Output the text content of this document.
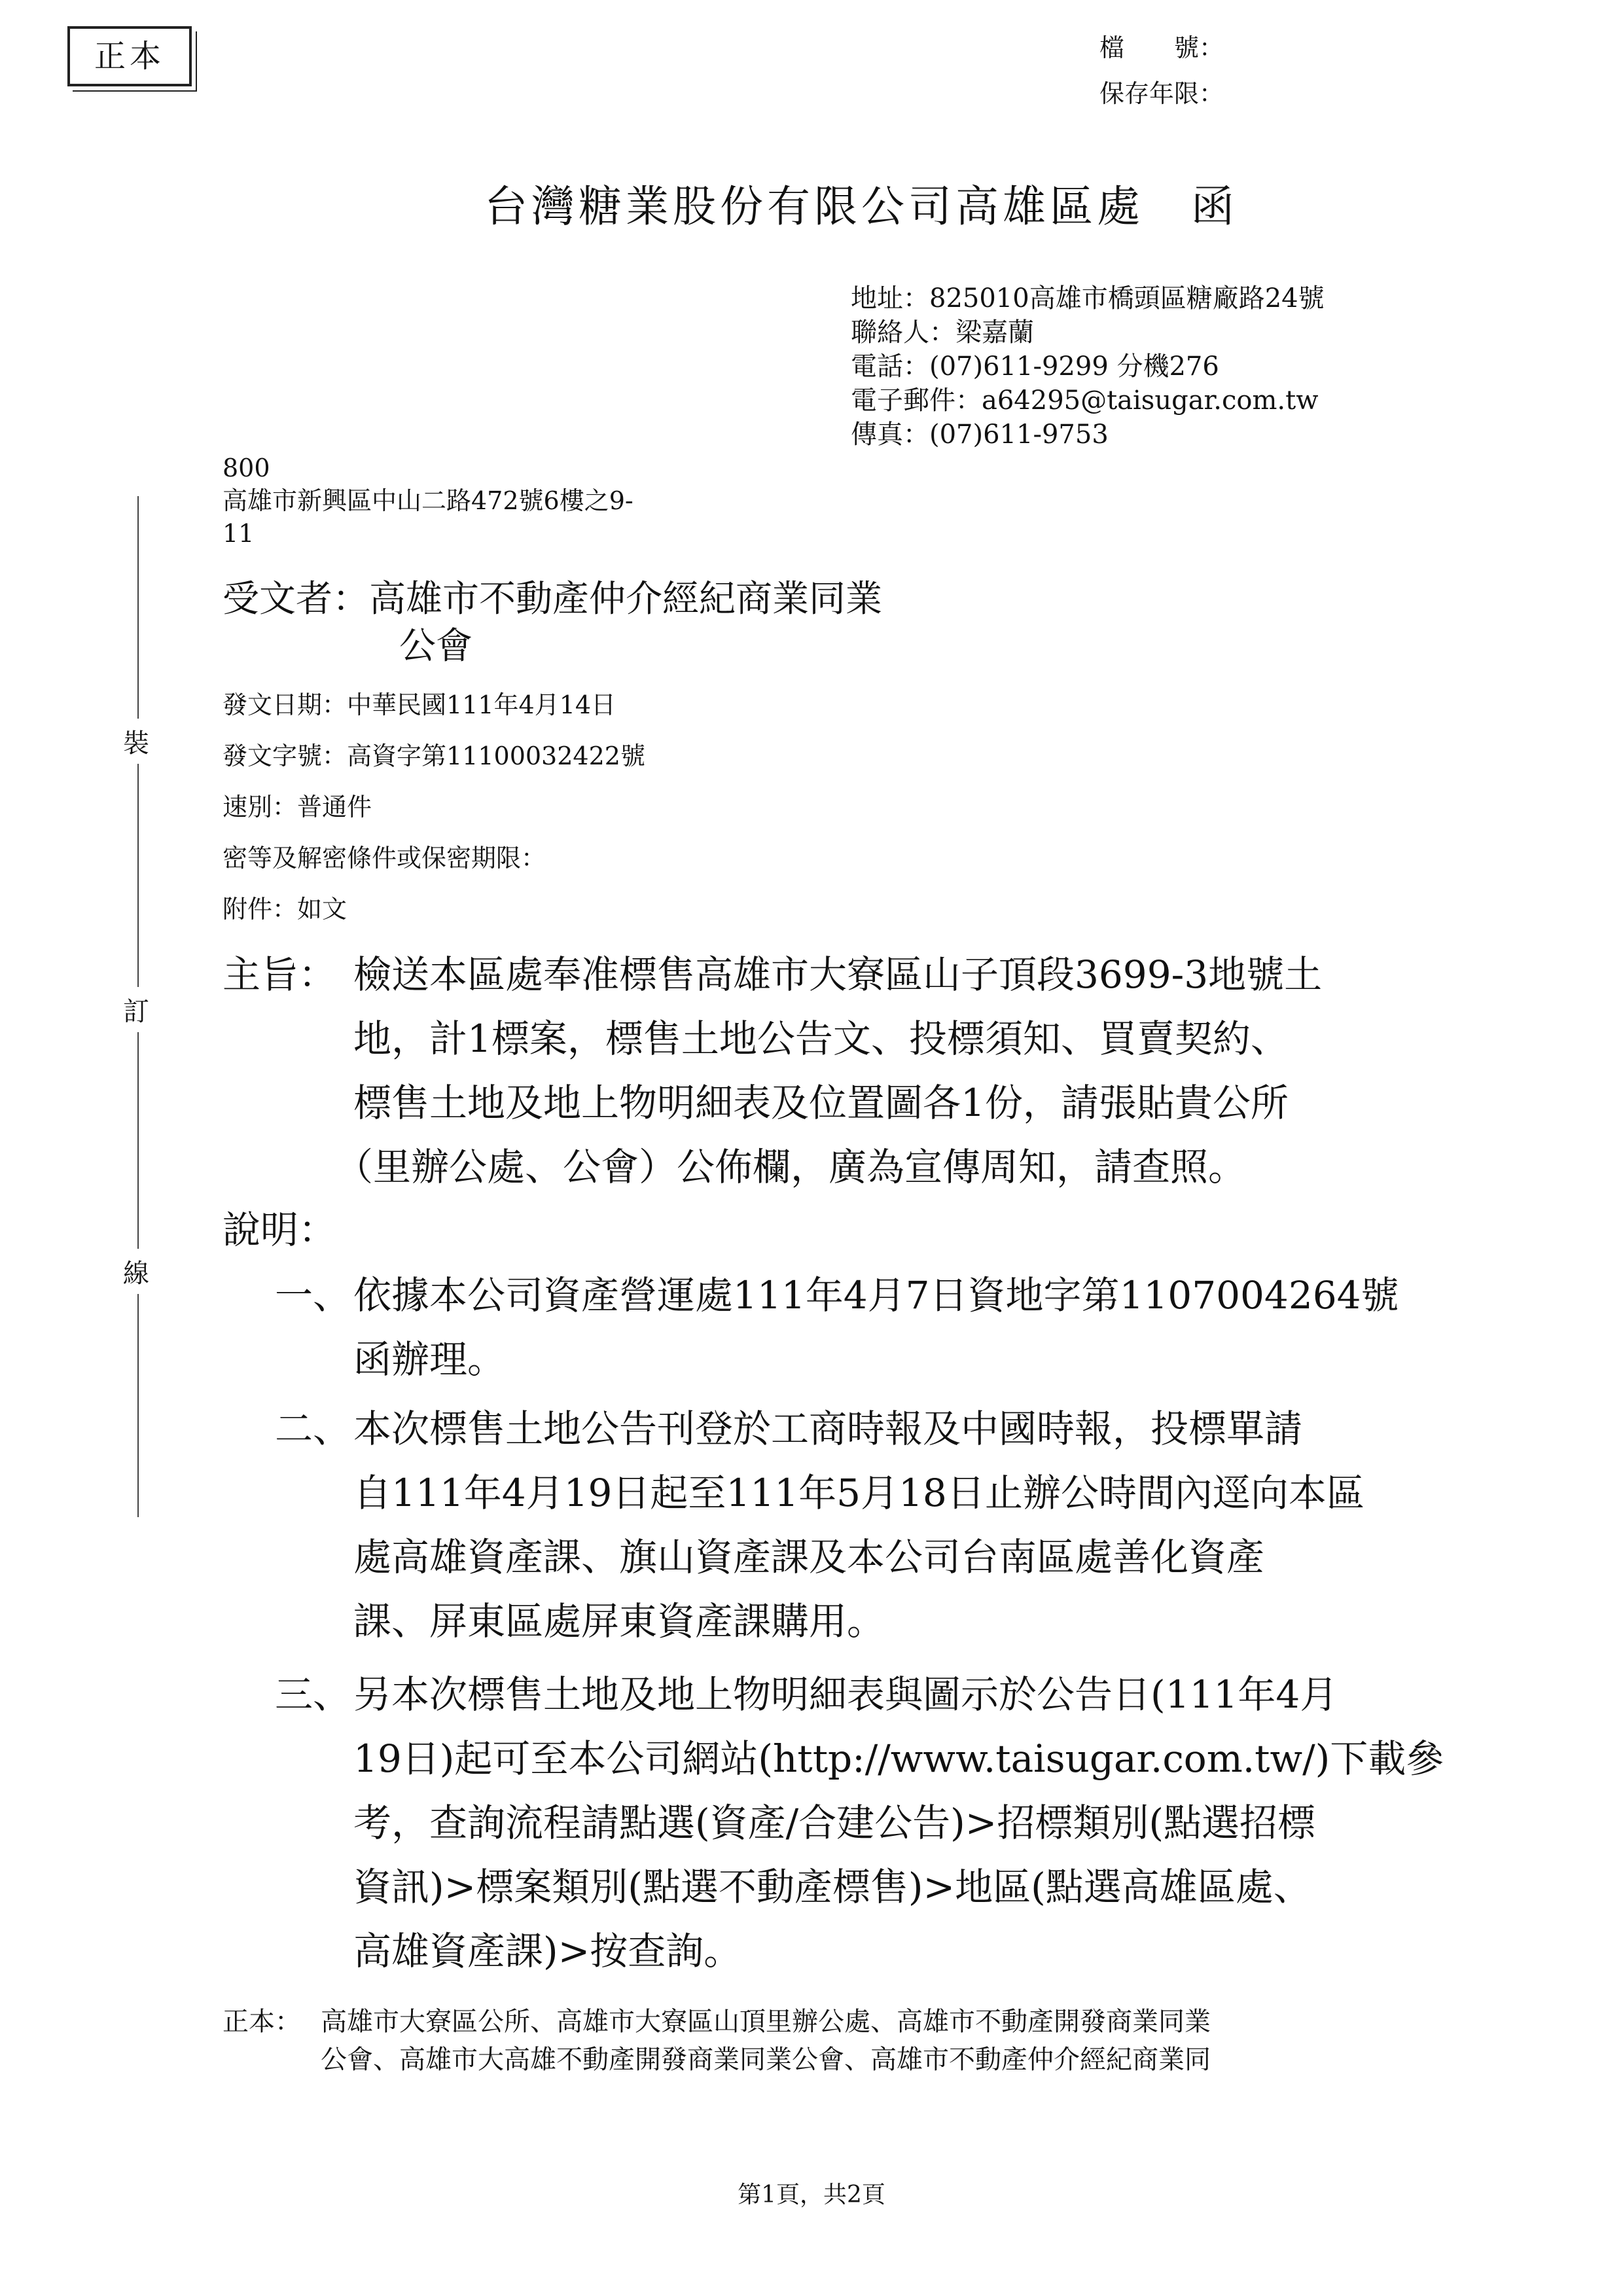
正本	檔　　號：
保存年限：
台灣糖業股份有限公司高雄區處　函

地址：825010高雄市橋頭區糖廠路24號

聯絡人：梁嘉蘭

電話：(07)611-9299 分機276

電子郵件：a64295@taisugar.com.tw

傳真：(07)611-9753

800

高雄市新興區中山二路472號6樓之9-

11

受文者：高雄市不動產仲介經紀商業同業

公會

發文日期：中華民國111年4月14日
發文字號：高資字第11100032422號
速別：普通件
密等及解密條件或保密期限：
附件：如文
主旨： 檢送本區處奉准標售高雄市大寮區山子頂段3699-3地號土

地，計1標案，標售土地公告文、投標須知、買賣契約、

標售土地及地上物明細表及位置圖各1份，請張貼貴公所

（里辦公處、公會）公佈欄，廣為宣傳周知，請查照。

說明：
一、 依據本公司資產營運處111年4月7日資地字第1107004264號

函辦理。

二、 本次標售土地公告刊登於工商時報及中國時報，投標單請

自111年4月19日起至111年5月18日止辦公時間內逕向本區

處高雄資產課、旗山資產課及本公司台南區處善化資產

課、屏東區處屏東資產課購用。

三、 另本次標售土地及地上物明細表與圖示於公告日(111年4月

19日)起可至本公司網站(http://www.taisugar.com.tw/)下載參

考，查詢流程請點選(資產/合建公告)>招標類別(點選招標

資訊)>標案類別(點選不動產標售)>地區(點選高雄區處、

高雄資產課)>按查詢。

正本： 高雄市大寮區公所、高雄市大寮區山頂里辦公處、高雄市不動產開發商業同業

公會、高雄市大高雄不動產開發商業同業公會、高雄市不動產仲介經紀商業同

裝
訂
線
第1頁，共2頁
